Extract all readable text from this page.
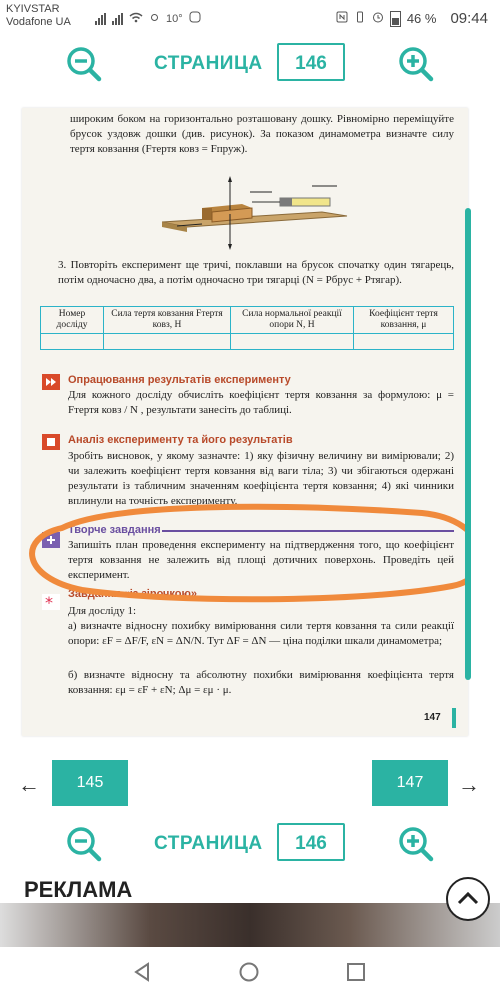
KYIVSTAR
Vodafone UA	10°	46 % 09:44
СТРАНИЦА	146
широким боком на горизонтально розташовану дошку. Рівномірно переміщуйте брусок уздовж дошки (див. рисунок). За показом динамометра визначте силу тертя ковзання (Fтертя ковз = Fпруж).
3. Повторіть експеримент ще тричі, поклавши на брусок спочатку один тягарець, потім одночасно два, а потім одночасно три тягарці (N = Pбрус + Pтягар).
Номер досліду	Сила тертя ковзання Fтертя ковз, Н	Сила нормальної реакції опори N, Н	Коефіцієнт тертя ковзання, μ

Опрацювання результатів експерименту
Для кожного досліду обчисліть коефіцієнт тертя ковзання за формулою: μ = Fтертя ковз / N , результати занесіть до таблиці.
Аналіз експерименту та його результатів
Зробіть висновок, у якому зазначте: 1) яку фізичну величину ви вимірювали; 2) чи залежить коефіцієнт тертя ковзання від ваги тіла; 3) чи збігаються одержані результати із табличним значенням коефіцієнта тертя ковзання; 4) які чинники вплинули на точність експерименту.
Творче завдання
Запишіть план проведення експерименту на підтвердження того, що коефіцієнт тертя ковзання не залежить від площі дотичних поверхонь. Проведіть цей експеримент.
* Завдання «із зірочкою»
Для досліду 1:
а) визначте відносну похибку вимірювання сили тертя ковзання та сили реакції опори: εF = ΔF/F, εN = ΔN/N. Тут ΔF = ΔN — ціна поділки шкали динамометра;
б) визначте відносну та абсолютну похибки вимірювання коефіцієнта тертя ковзання: εμ = εF + εN; Δμ = εμ · μ.
147
←	145	147	→
СТРАНИЦА	146
РЕКЛАМА
